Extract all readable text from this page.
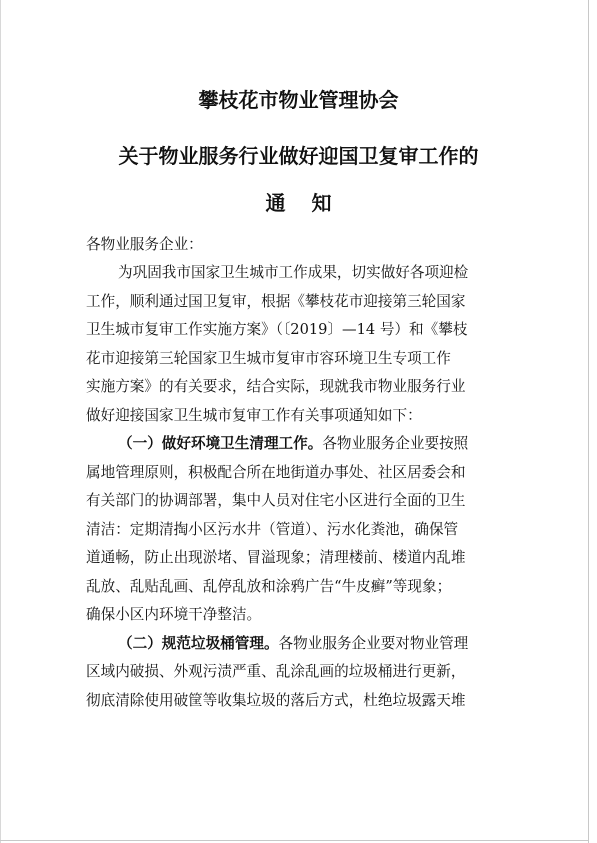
攀枝花市物业管理协会
关于物业服务行业做好迎国卫复审工作的
通 知
各物业服务企业：
为巩固我市国家卫生城市工作成果，切实做好各项迎检
工作，顺利通过国卫复审，根据《攀枝花市迎接第三轮国家
卫生城市复审工作实施方案》（〔2019〕—14 号）和《攀枝
花市迎接第三轮国家卫生城市复审市容环境卫生专项工作
实施方案》的有关要求，结合实际，现就我市物业服务行业
做好迎接国家卫生城市复审工作有关事项通知如下：
（一）做好环境卫生清理工作。各物业服务企业要按照
属地管理原则，积极配合所在地街道办事处、社区居委会和
有关部门的协调部署，集中人员对住宅小区进行全面的卫生
清洁：定期清掏小区污水井（管道）、污水化粪池，确保管
道通畅，防止出现淤堵、冒溢现象；清理楼前、楼道内乱堆
乱放、乱贴乱画、乱停乱放和涂鸦广告“牛皮癣”等现象；
确保小区内环境干净整洁。
（二）规范垃圾桶管理。各物业服务企业要对物业管理
区域内破损、外观污渍严重、乱涂乱画的垃圾桶进行更新，
彻底清除使用破筐等收集垃圾的落后方式，杜绝垃圾露天堆
